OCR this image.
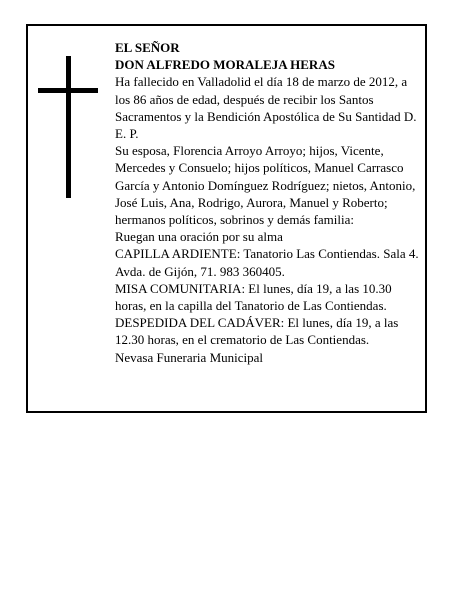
EL SEÑOR

DON ALFREDO MORALEJA HERAS

Ha fallecido en Valladolid el día 18 de marzo de 2012, a los 86 años de edad, después de recibir los Santos Sacramentos y la Bendición Apostólica de Su Santidad D. E. P.

Su esposa, Florencia Arroyo Arroyo; hijos, Vicente, Mercedes y Consuelo; hijos políticos, Manuel Carrasco García y Antonio Domínguez Rodríguez; nietos, Antonio, José Luis, Ana, Rodrigo, Aurora, Manuel y Roberto; hermanos políticos, sobrinos y demás familia:

Ruegan una oración por su alma

CAPILLA ARDIENTE: Tanatorio Las Contiendas. Sala 4. Avda. de Gijón, 71. 983 360405.

MISA COMUNITARIA: El lunes, día 19, a las 10.30 horas, en la capilla del Tanatorio de Las Contiendas.

DESPEDIDA DEL CADÁVER: El lunes, día 19, a las 12.30 horas, en el crematorio de Las Contiendas.

Nevasa Funeraria Municipal
